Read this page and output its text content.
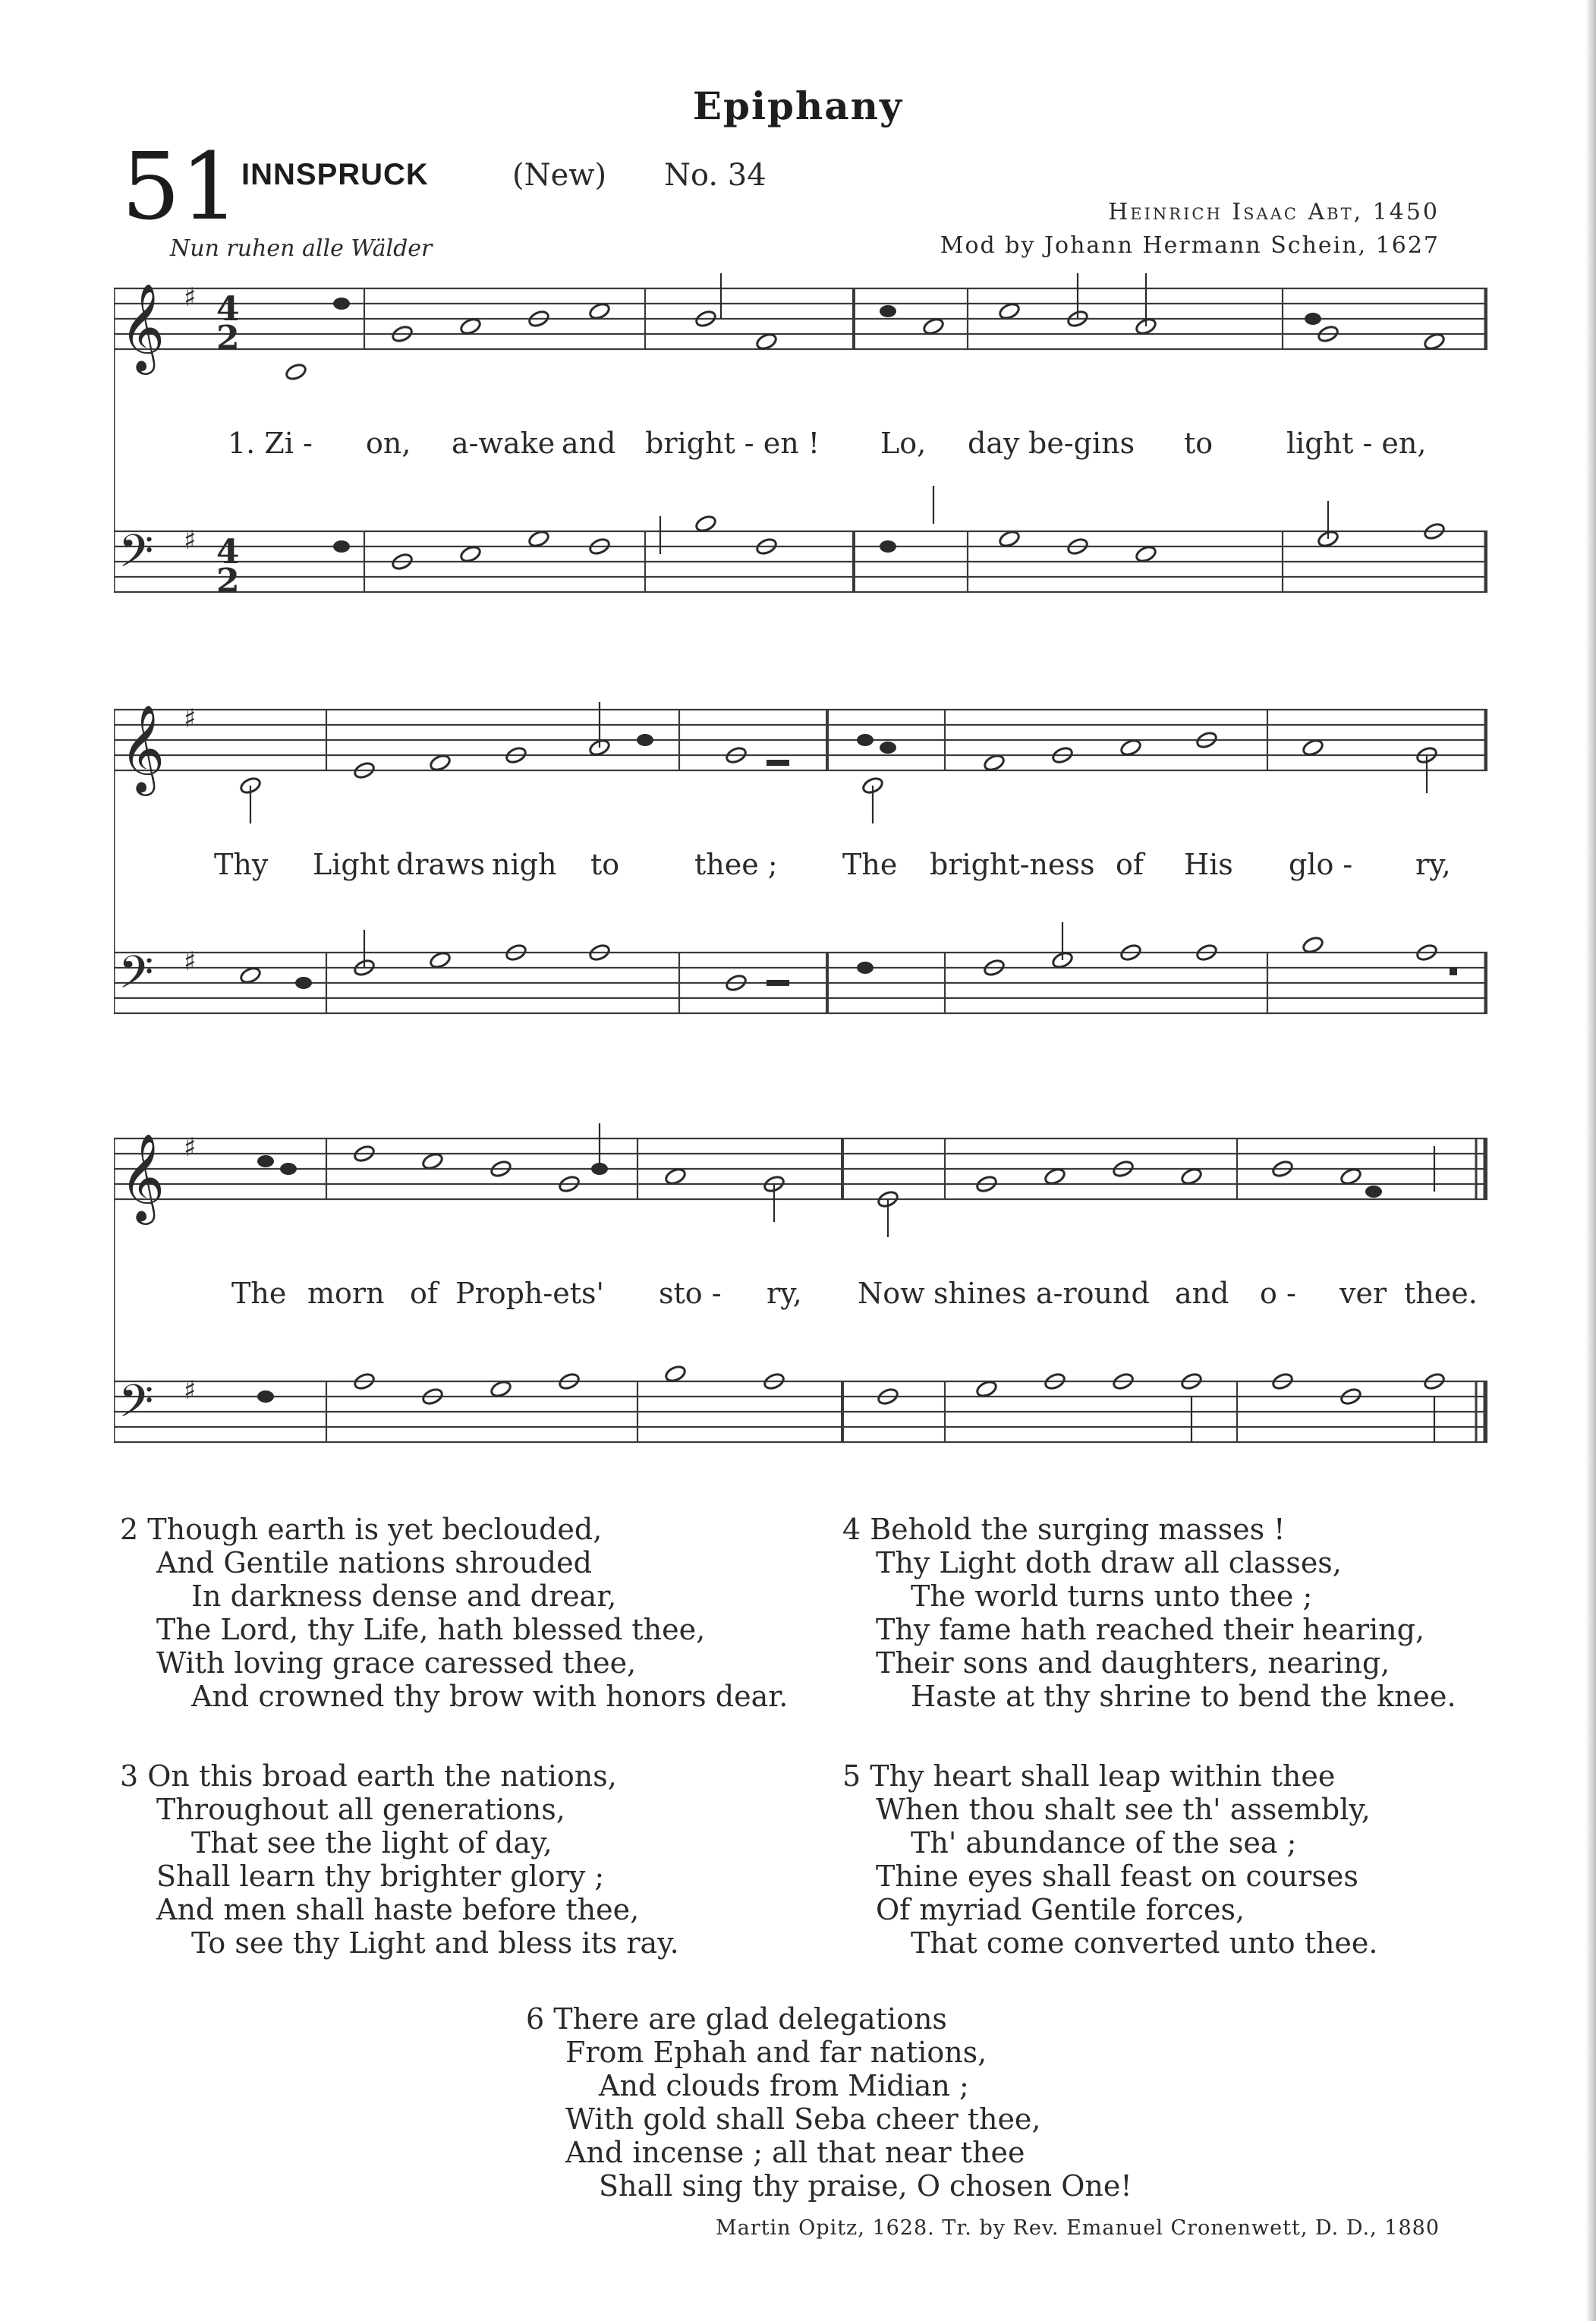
Epiphany
51 INNSPRUCK	(New) No. 34
Heinrich Isaac Abt, 1450
Nun ruhen alle Wälder	Mod by Johann Hermann Schein, 1627
𝄞
𝄢
♯
♯
4
2
4
2
1. Zi - on, a-wake and bright - en ! Lo, day be-gins to	light - en,
𝄞
𝄢
♯
♯
Thy Light draws nigh to	thee ; The bright-ness of His glo - ry,
𝄞
𝄢
♯
♯
The morn of Proph-ets' sto - ry, Now shines a-round and o - ver thee.
2 Though earth is yet beclouded,
And Gentile nations shrouded
In darkness dense and drear,
The Lord, thy Life, hath blessed thee,
With loving grace caressed thee,
And crowned thy brow with honors dear.
4 Behold the surging masses !
Thy Light doth draw all classes,
The world turns unto thee ;
Thy fame hath reached their hearing,
Their sons and daughters, nearing,
Haste at thy shrine to bend the knee.
3 On this broad earth the nations,
Throughout all generations,
That see the light of day,
Shall learn thy brighter glory ;
And men shall haste before thee,
To see thy Light and bless its ray.
5 Thy heart shall leap within thee
When thou shalt see th' assembly,
Th' abundance of the sea ;
Thine eyes shall feast on courses
Of myriad Gentile forces,
That come converted unto thee.
6 There are glad delegations
From Ephah and far nations,
And clouds from Midian ;
With gold shall Seba cheer thee,
And incense ; all that near thee
Shall sing thy praise, O chosen One!
Martin Opitz, 1628. Tr. by Rev. Emanuel Cronenwett, D. D., 1880
